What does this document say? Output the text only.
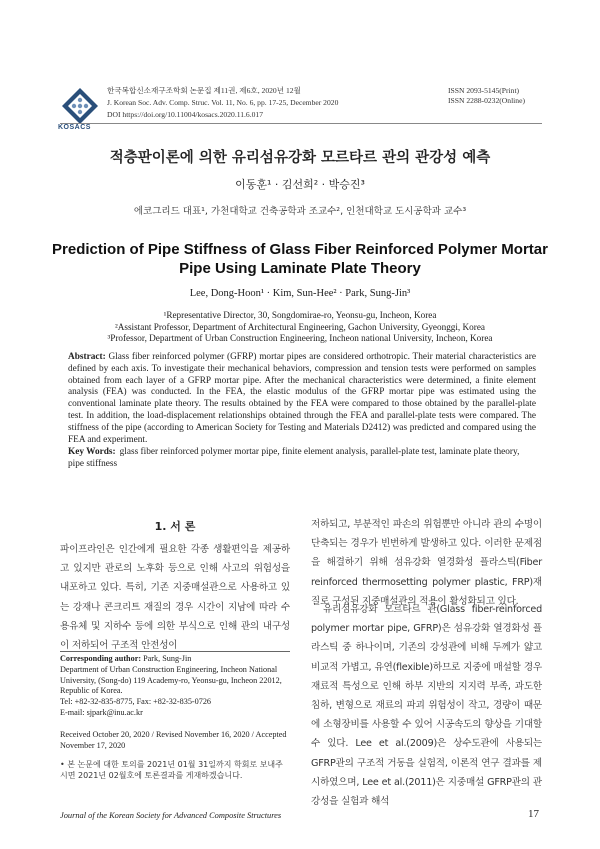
KOSACS
한국복합신소재구조학회 논문집 제11권, 제6호, 2020년 12월
J. Korean Soc. Adv. Comp. Struc. Vol. 11, No. 6, pp. 17-25, December 2020
DOI https://doi.org/10.11004/kosacs.2020.11.6.017
ISSN 2093-5145(Print)
ISSN 2288-0232(Online)
적층판이론에 의한 유리섬유강화 모르타르 관의 관강성 예측
이동훈¹ · 김선희² · 박승진³
에코그리드 대표¹, 가천대학교 건축공학과 조교수², 인천대학교 도시공학과 교수³
Prediction of Pipe Stiffness of Glass Fiber Reinforced Polymer Mortar
Pipe Using Laminate Plate Theory
Lee, Dong-Hoon¹ · Kim, Sun-Hee² · Park, Sung-Jin³
¹Representative Director, 30, Songdomirae-ro, Yeonsu-gu, Incheon, Korea
²Assistant Professor, Department of Architectural Engineering, Gachon University, Gyeonggi, Korea
³Professor, Department of Urban Construction Engineering, Incheon national University, Incheon, Korea
Abstract: Glass fiber reinforced polymer (GFRP) mortar pipes are considered orthotropic. Their material characteristics are defined by each axis. To investigate their mechanical behaviors, compression and tension tests were performed on samples obtained from each layer of a GFRP mortar pipe. After the mechanical characteristics were determined, a finite element analysis (FEA) was conducted. In the FEA, the elastic modulus of the GFRP mortar pipe was estimated using the conventional laminate plate theory. The results obtained by the FEA were compared to those obtained by the parallel-plate test. In addition, the load-displacement relationships obtained through the FEA and parallel-plate tests were compared. The stiffness of the pipe (according to American Society for Testing and Materials D2412) was predicted and compared using the FEA and experiment.
Key Words: glass fiber reinforced polymer mortar pipe, finite element analysis, parallel-plate test, laminate plate theory, pipe stiffness
1. 서 론
파이프라인은 인간에게 필요한 각종 생활편익을 제공하고 있지만 관로의 노후화 등으로 인해 사고의 위험성을 내포하고 있다. 특히, 기존 지중매설관으로 사용하고 있는 강재나 콘크리트 재질의 경우 시간이 지남에 따라 수용유체 및 지하수 등에 의한 부식으로 인해 관의 내구성이 저하되어 구조적 안전성이
Corresponding author: Park, Sung-Jin
Department of Urban Construction Engineering, Incheon National University, (Song-do) 119 Academy-ro, Yeonsu-gu, Incheon 22012, Republic of Korea.
Tel: +82-32-835-8775, Fax: +82-32-835-0726
E-mail: sjpark@inu.ac.kr
Received October 20, 2020 / Revised November 16, 2020 / Accepted November 17, 2020
• 본 논문에 대한 토의를 2021년 01월 31일까지 학회로 보내주시면 2021년 02월호에 토론결과를 게재하겠습니다.
저하되고, 부분적인 파손의 위험뿐만 아니라 관의 수명이 단축되는 경우가 빈번하게 발생하고 있다. 이러한 문제점을 해결하기 위해 섬유강화 열경화성 플라스틱(Fiber reinforced thermosetting polymer plastic, FRP)재질로 구성된 지중매설관의 적용이 활성화되고 있다.
유리섬유강화 모르타르 관(Glass fiber-reinforced polymer mortar pipe, GFRP)은 섬유강화 열경화성 플라스틱 중 하나이며, 기존의 강성관에 비해 두께가 얇고 비교적 가볍고, 유연(flexible)하므로 지중에 매설할 경우 재료적 특성으로 인해 하부 지반의 지지력 부족, 과도한 침하, 변형으로 재료의 파괴 위험성이 작고, 경량이 때문에 소형장비를 사용할 수 있어 시공속도의 향상을 기대할 수 있다. Lee et al.(2009)은 상수도관에 사용되는 GFRP관의 구조적 거동을 실험적, 이론적 연구 결과를 제시하였으며, Lee et al.(2011)은 지중매설 GFRP관의 관강성을 실험과 해석
Journal of the Korean Society for Advanced Composite Structures	17
